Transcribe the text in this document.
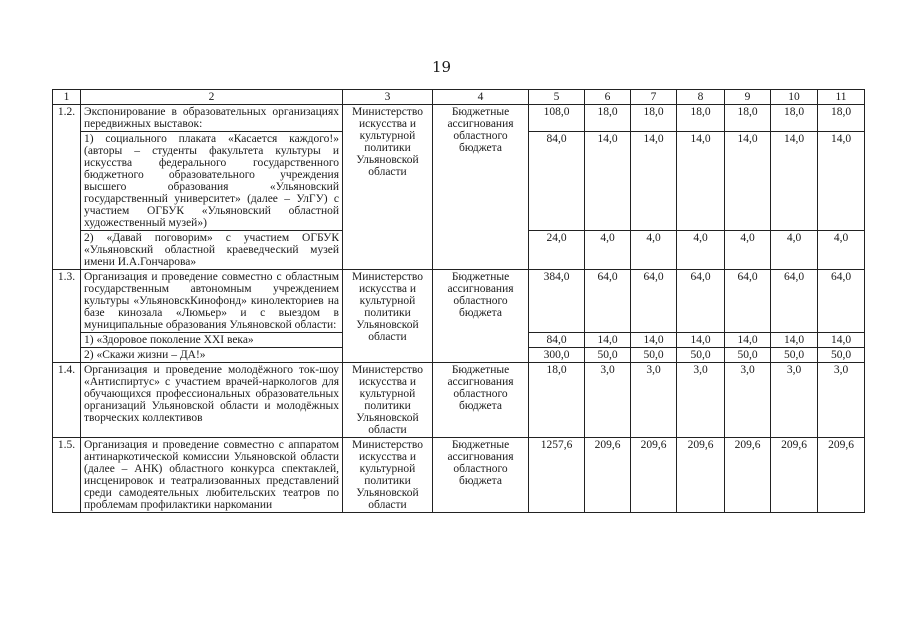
19
1	2	3	4	5	6	7	8	9	10	11
1.2.	Экспонирование в образовательных организациях передвижных выставок:	Министерство искусства и культурной политики Ульяновской области	Бюджетные ассигнования областного бюджета	108,0	18,0	18,0	18,0	18,0	18,0	18,0
	1) социального плаката «Касается каждого!» (авторы – студенты факультета культуры и искусства федерального государственного бюджетного образовательного учреждения высшего образования «Ульяновский государственный университет» (далее – УлГУ) с участием ОГБУК «Ульяновский областной художественный музей»)			84,0	14,0	14,0	14,0	14,0	14,0	14,0
	2) «Давай поговорим» с участием ОГБУК «Ульяновский областной краеведческий музей имени И.А.Гончарова»			24,0	4,0	4,0	4,0	4,0	4,0	4,0
1.3.	Организация и проведение совместно с областным государственным автономным учреждением культуры «УльяновскКинофонд» кинолекториев на базе кинозала «Люмьер» и с выездом в муниципальные образования Ульяновской области:	Министерство искусства и культурной политики Ульяновской области	Бюджетные ассигнования областного бюджета	384,0	64,0	64,0	64,0	64,0	64,0	64,0
	1) «Здоровое поколение XXI века»			84,0	14,0	14,0	14,0	14,0	14,0	14,0
	2) «Скажи жизни – ДА!»			300,0	50,0	50,0	50,0	50,0	50,0	50,0
1.4.	Организация и проведение молодёжного ток-шоу «Антиспиртус» с участием врачей-наркологов для обучающихся профессиональных образовательных организаций Ульяновской области и молодёжных творческих коллективов	Министерство искусства и культурной политики Ульяновской области	Бюджетные ассигнования областного бюджета	18,0	3,0	3,0	3,0	3,0	3,0	3,0
1.5.	Организация и проведение совместно с аппаратом антинаркотической комиссии Ульяновской области (далее – АНК) областного конкурса спектаклей, инсценировок и театрализованных представлений среди самодеятельных любительских театров по проблемам профилактики наркомании	Министерство искусства и культурной политики Ульяновской области	Бюджетные ассигнования областного бюджета	1257,6	209,6	209,6	209,6	209,6	209,6	209,6
